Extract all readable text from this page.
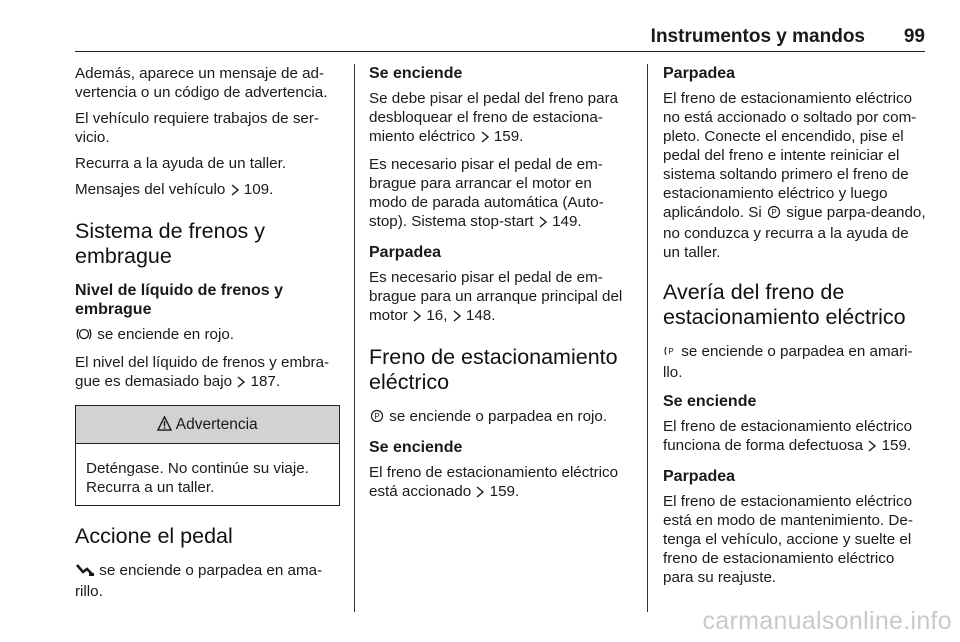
Instrumentos y mandos 99

Además, aparece un mensaje de ad-vertencia o un código de advertencia.

El vehículo requiere trabajos de ser-vicio.

Recurra a la ayuda de un taller.

Mensajes del vehículo 109.

Sistema de frenos y embrague
Nivel de líquido de frenos y embrague

se enciende en rojo.

El nivel del líquido de frenos y embra-gue es demasiado bajo 187.

Advertencia
Deténgase. No continúe su viaje. Recurra a un taller.
Accione el pedal

se enciende o parpadea en ama-rillo.

Se enciende

Se debe pisar el pedal del freno para desbloquear el freno de estaciona-miento eléctrico 159.

Es necesario pisar el pedal de em-brague para arrancar el motor en modo de parada automática (Auto-stop). Sistema stop-start 149.

Parpadea

Es necesario pisar el pedal de em-brague para un arranque principal del motor 16, 148.

Freno de estacionamiento eléctrico

P se enciende o parpadea en rojo.

Se enciende

El freno de estacionamiento eléctrico está accionado 159.

Parpadea

El freno de estacionamiento eléctrico no está accionado o soltado por com-pleto. Conecte el encendido, pise el pedal del freno e intente reiniciar el sistema soltando primero el freno de estacionamiento eléctrico y luego aplicándolo. Si P sigue parpa-deando, no conduzca y recurra a la ayuda de un taller.

Avería del freno de estacionamiento eléctrico

P se enciende o parpadea en amari-llo.

Se enciende

El freno de estacionamiento eléctrico funciona de forma defectuosa 159.

Parpadea

El freno de estacionamiento eléctrico está en modo de mantenimiento. De-tenga el vehículo, accione y suelte el freno de estacionamiento eléctrico para su reajuste.

carmanualsonline.info
